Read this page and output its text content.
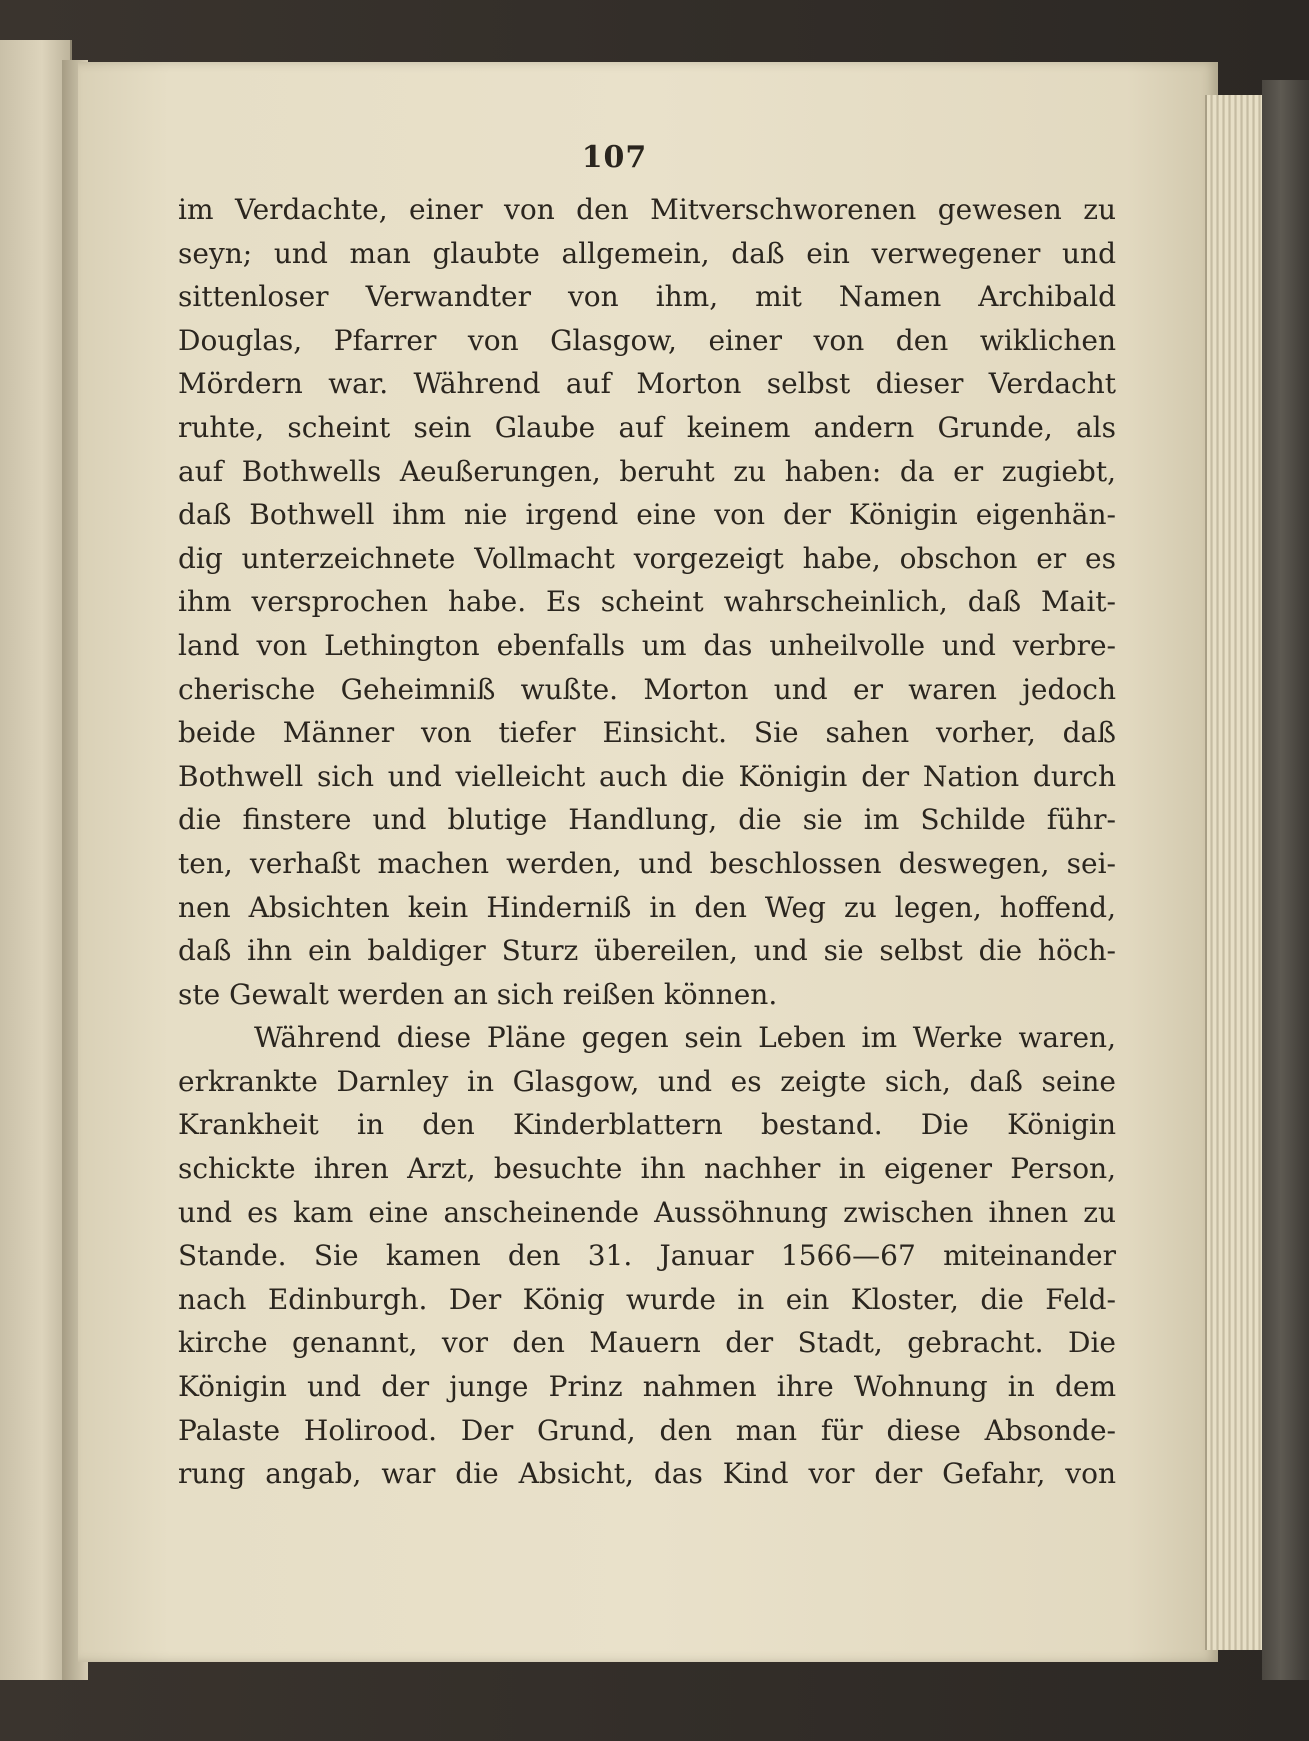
107
im Verdachte, einer von den Mitverschworenen gewesen zu
seyn; und man glaubte allgemein, daß ein verwegener und
sittenloser Verwandter von ihm, mit Namen Archibald
Douglas, Pfarrer von Glasgow, einer von den wiklichen
Mördern war. Während auf Morton selbst dieser Verdacht
ruhte, scheint sein Glaube auf keinem andern Grunde, als
auf Bothwells Aeußerungen, beruht zu haben: da er zugiebt,
daß Bothwell ihm nie irgend eine von der Königin eigenhän-
dig unterzeichnete Vollmacht vorgezeigt habe, obschon er es
ihm versprochen habe. Es scheint wahrscheinlich, daß Mait-
land von Lethington ebenfalls um das unheilvolle und verbre-
cherische Geheimniß wußte. Morton und er waren jedoch
beide Männer von tiefer Einsicht. Sie sahen vorher, daß
Bothwell sich und vielleicht auch die Königin der Nation durch
die finstere und blutige Handlung, die sie im Schilde führ-
ten, verhaßt machen werden, und beschlossen deswegen, sei-
nen Absichten kein Hinderniß in den Weg zu legen, hoffend,
daß ihn ein baldiger Sturz übereilen, und sie selbst die höch-
ste Gewalt werden an sich reißen können.
Während diese Pläne gegen sein Leben im Werke waren,
erkrankte Darnley in Glasgow, und es zeigte sich, daß seine
Krankheit in den Kinderblattern bestand. Die Königin
schickte ihren Arzt, besuchte ihn nachher in eigener Person,
und es kam eine anscheinende Aussöhnung zwischen ihnen zu
Stande. Sie kamen den 31. Januar 1566—67 miteinander
nach Edinburgh. Der König wurde in ein Kloster, die Feld-
kirche genannt, vor den Mauern der Stadt, gebracht. Die
Königin und der junge Prinz nahmen ihre Wohnung in dem
Palaste Holirood. Der Grund, den man für diese Absonde-
rung angab, war die Absicht, das Kind vor der Gefahr, von
